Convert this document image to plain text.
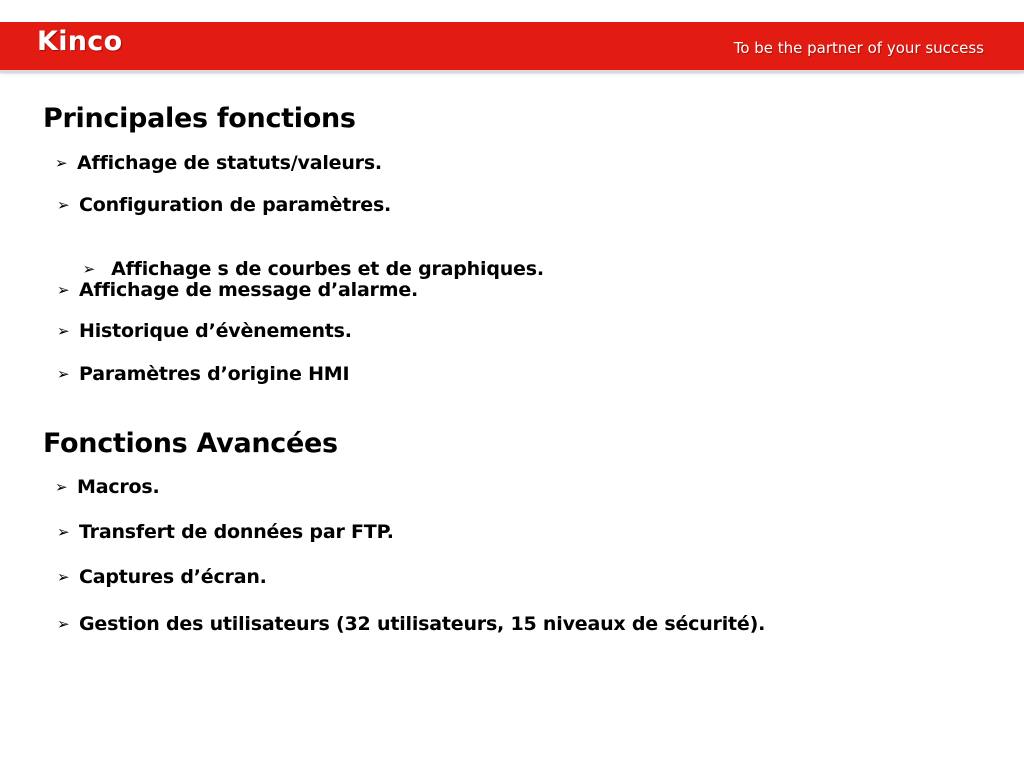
Kinco	To be the partner of your success
Principales fonctions
➢ Affichage de statuts/valeurs.
➢ Configuration de paramètres.

➢ Affichage s de courbes et de graphiques.

➢ Affichage de message d’alarme.
➢ Historique d’évènements.
➢ Paramètres d’origine HMI
Fonctions Avancées
➢ Macros.
➢ Transfert de données par FTP.
➢ Captures d’écran.
➢ Gestion des utilisateurs (32 utilisateurs, 15 niveaux de sécurité).
